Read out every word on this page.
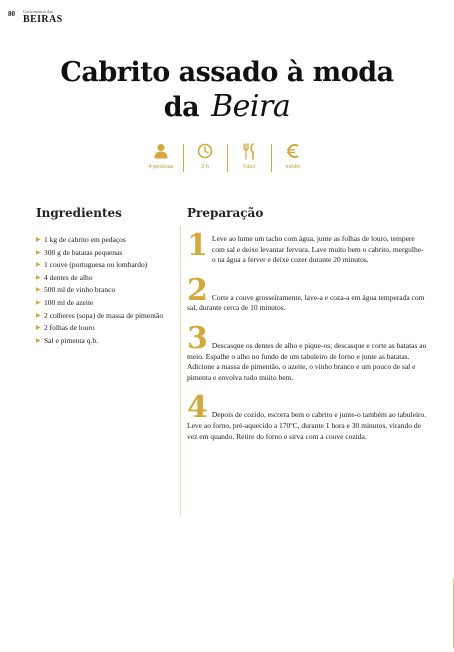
80 Gastronomia das
BEIRAS
Cabrito assado à moda
da Beira
4 pessoas	2 h	Fácil	médio
Ingredientes
▶ 1 kg de cabrito em pedaços
▶ 300 g de batatas pequenas
▶ 1 couve (portuguesa ou lombardo)
▶ 4 dentes de alho
▶ 500 ml de vinho branco
▶ 100 ml de azeite
▶ 2 colheres (sopa) de massa de pimentão
▶ 2 folhas de louro
▶ Sal e pimenta q.b.
Preparação
1 Leve ao lume um tacho com água, junte as folhas de louro, tempere com sal e deixe levantar fervura. Lave muito bem o cabrito, mergulhe-o na água a ferver e deixe cozer durante 20 minutos.
2 Corte a couve grosseiramente, lave-a e coza-a em água temperada com sal, durante cerca de 10 minutos.
3 Descasque os dentes de alho e pique-os; descasque e corte as batatas ao meio. Espalhe o alho no fundo de um tabuleiro de forno e junte as batatas. Adicione a massa de pimentão, o azeite, o vinho branco e um pouco de sal e pimenta e envolva tudo muito bem.
4 Depois de cozido, escorra bem o cabrito e junte-o também ao tabuleiro. Leve ao forno, pré-aquecido a 170ºC, durante 1 hora e 30 minutos, virando de vez em quando. Retire do forno e sirva com a couve cozida.
